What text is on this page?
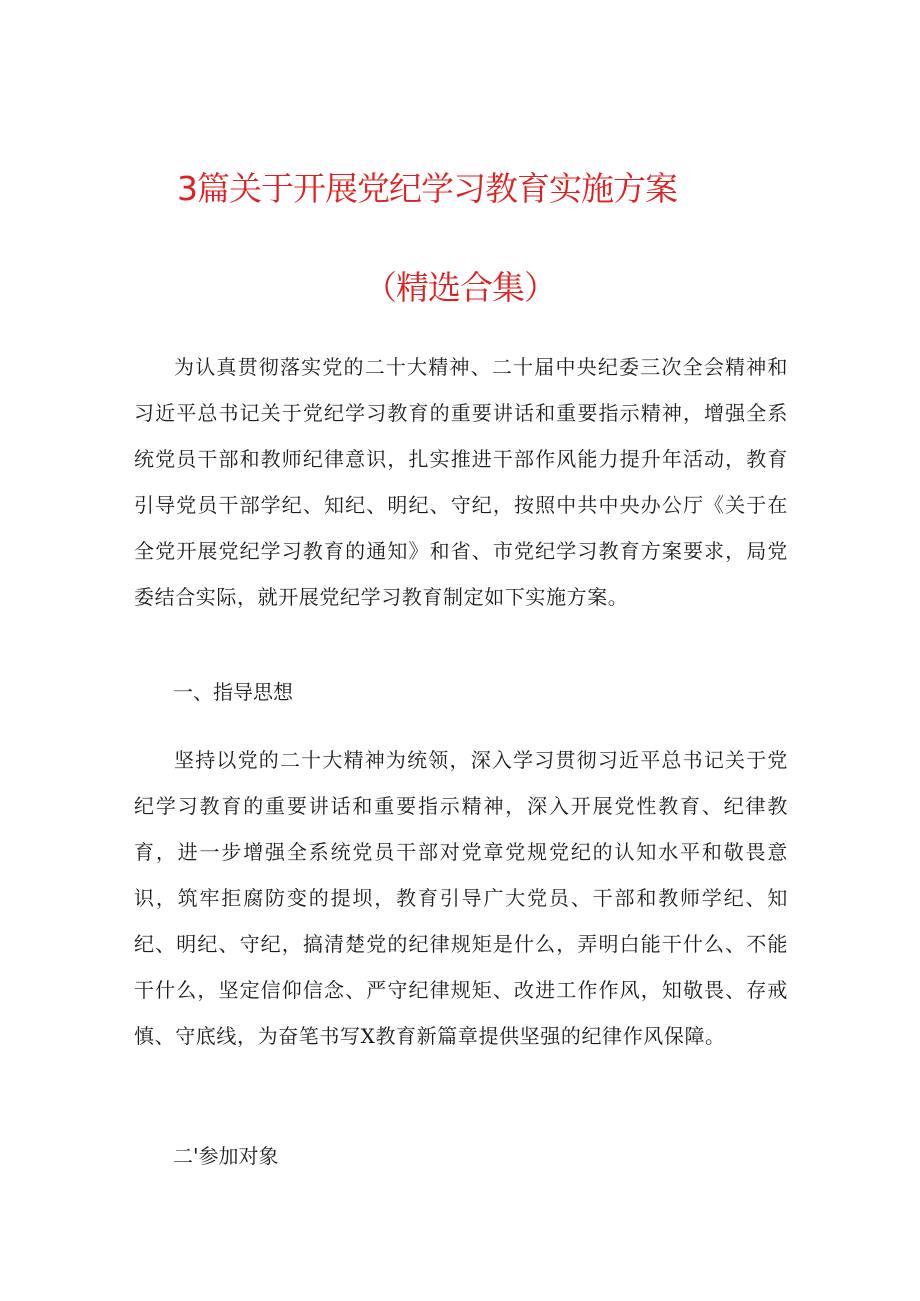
3篇关于开展党纪学习教育实施方案
（精选合集）

为认真贯彻落实党的二十大精神、二十届中央纪委三次全会精神和习近平总书记关于党纪学习教育的重要讲话和重要指示精神，增强全系统党员干部和教师纪律意识，扎实推进干部作风能力提升年活动，教育引导党员干部学纪、知纪、明纪、守纪，按照中共中央办公厅《关于在全党开展党纪学习教育的通知》和省、市党纪学习教育方案要求，局党委结合实际，就开展党纪学习教育制定如下实施方案。

一、指导思想

坚持以党的二十大精神为统领，深入学习贯彻习近平总书记关于党纪学习教育的重要讲话和重要指示精神，深入开展党性教育、纪律教育，进一步增强全系统党员干部对党章党规党纪的认知水平和敬畏意识，筑牢拒腐防变的提坝，教育引导广大党员、干部和教师学纪、知纪、明纪、守纪，搞清楚党的纪律规矩是什么，弄明白能干什么、不能干什么，坚定信仰信念、严守纪律规矩、改进工作作风，知敬畏、存戒慎、守底线，为奋笔书写X教育新篇章提供坚强的纪律作风保障。

二'参加对象
